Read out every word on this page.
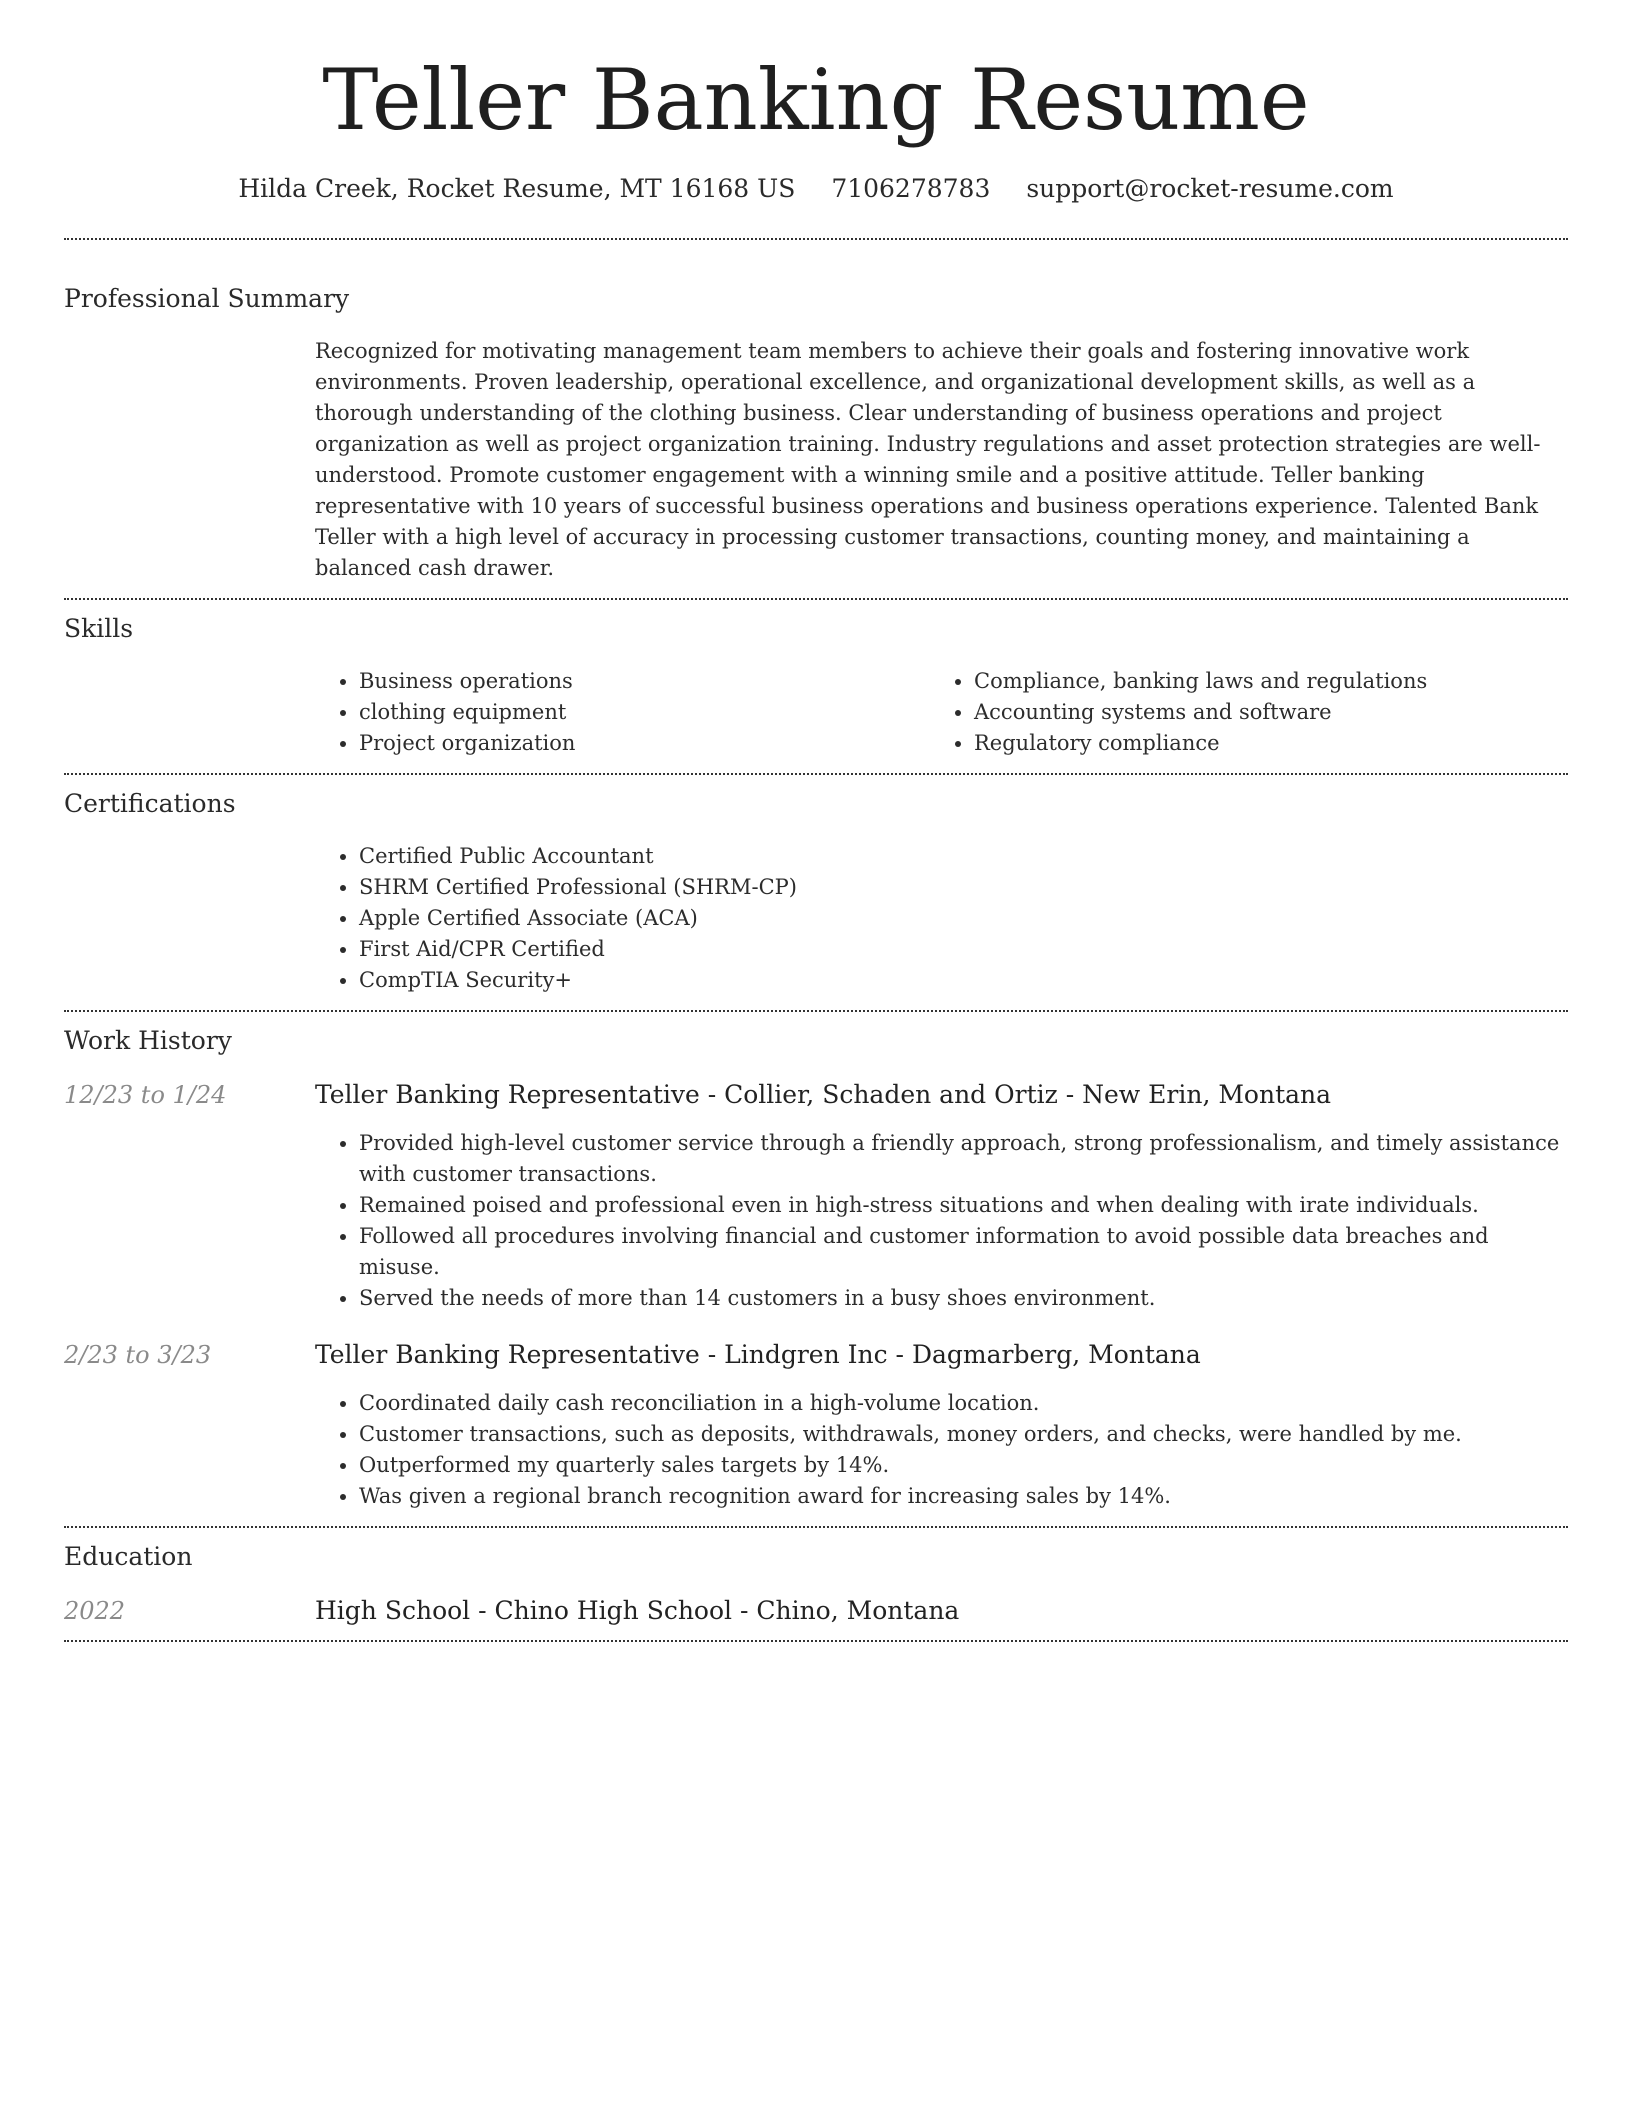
Teller Banking Resume
Hilda Creek, Rocket Resume, MT 16168 US 7106278783 support@rocket-resume.com
Professional Summary
Recognized for motivating management team members to achieve their goals and fostering innovative work environments. Proven leadership, operational excellence, and organizational development skills, as well as a thorough understanding of the clothing business. Clear understanding of business operations and project organization as well as project organization training. Industry regulations and asset protection strategies are well-understood. Promote customer engagement with a winning smile and a positive attitude. Teller banking representative with 10 years of successful business operations and business operations experience. Talented Bank Teller with a high level of accuracy in processing customer transactions, counting money, and maintaining a balanced cash drawer.
Skills
• Business operations
• clothing equipment
• Project organization
• Compliance, banking laws and regulations
• Accounting systems and software
• Regulatory compliance
Certifications
• Certified Public Accountant
• SHRM Certified Professional (SHRM-CP)
• Apple Certified Associate (ACA)
• First Aid/CPR Certified
• CompTIA Security+
Work History
12/23 to 1/24	Teller Banking Representative - Collier, Schaden and Ortiz - New Erin, Montana
• Provided high-level customer service through a friendly approach, strong professionalism, and timely assistance with customer transactions.
• Remained poised and professional even in high-stress situations and when dealing with irate individuals.
• Followed all procedures involving financial and customer information to avoid possible data breaches and misuse.
• Served the needs of more than 14 customers in a busy shoes environment.
2/23 to 3/23	Teller Banking Representative - Lindgren Inc - Dagmarberg, Montana
• Coordinated daily cash reconciliation in a high-volume location.
• Customer transactions, such as deposits, withdrawals, money orders, and checks, were handled by me.
• Outperformed my quarterly sales targets by 14%.
• Was given a regional branch recognition award for increasing sales by 14%.
Education
2022	High School - Chino High School - Chino, Montana
